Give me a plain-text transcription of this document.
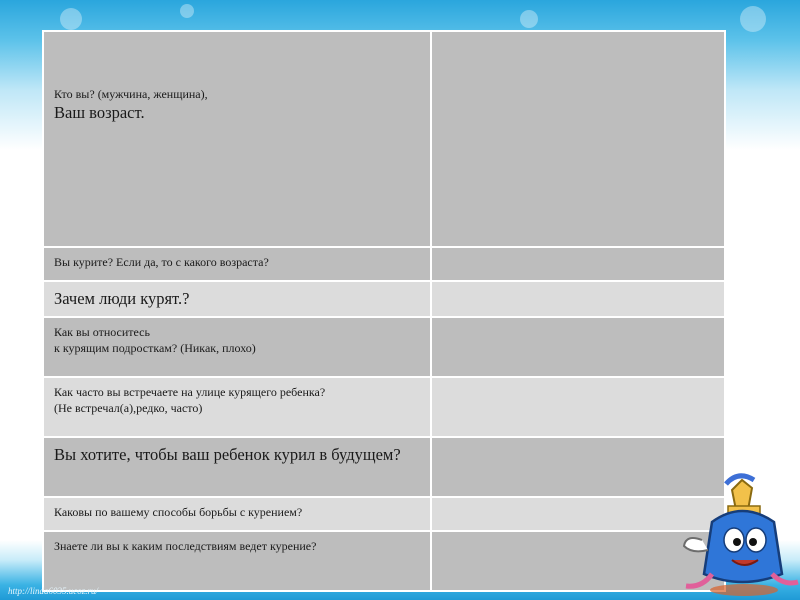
Кто вы? (мужчина, женщина),
Ваш возраст.	

Вы курите? Если да, то с какого возраста?	

Зачем люди курят.?	

Как вы относитесь
к курящим подросткам? (Никак, плохо)	

Как часто вы встречаете на улице курящего ребенка?
(Не встречал(а),редко, часто)	

Вы хотите, чтобы ваш ребенок курил в будущем?	

Каковы по вашему способы борьбы с курением?	

Знаете ли вы к каким последствиям ведет курение?	

http://linda6035.ucoz.ru/
